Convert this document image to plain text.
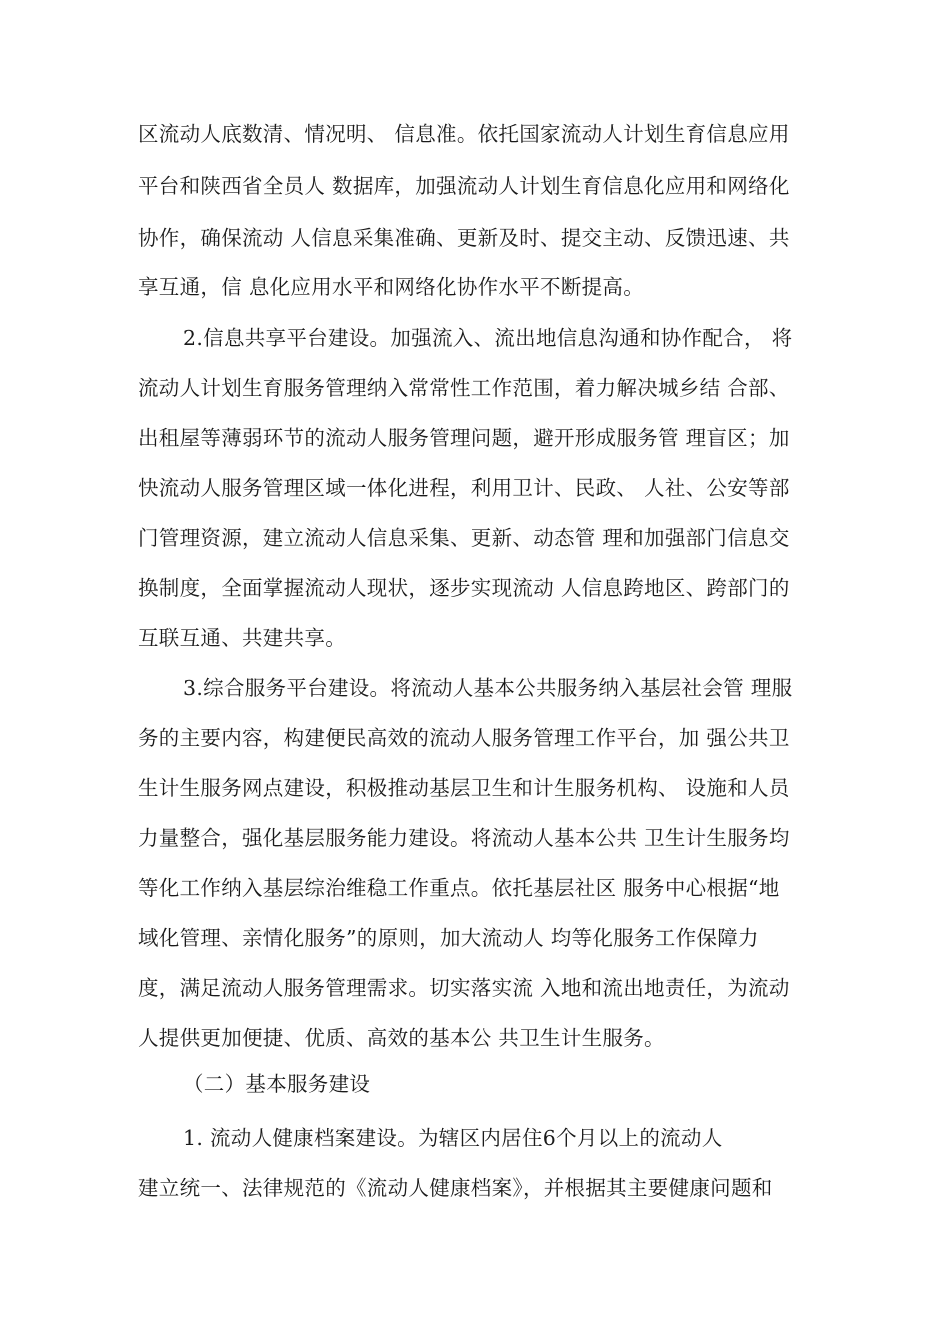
区流动人底数清、情况明、 信息准。依托国家流动人计划生育信息应用
平台和陕西省全员人 数据库，加强流动人计划生育信息化应用和网络化
协作，确保流动 人信息采集准确、更新及时、提交主动、反馈迅速、共
享互通，信 息化应用水平和网络化协作水平不断提高。
2.信息共享平台建设。加强流入、流出地信息沟通和协作配合， 将
流动人计划生育服务管理纳入常常性工作范围，着力解决城乡结 合部、
出租屋等薄弱环节的流动人服务管理问题，避开形成服务管 理盲区；加
快流动人服务管理区域一体化进程，利用卫计、民政、 人社、公安等部
门管理资源，建立流动人信息采集、更新、动态管 理和加强部门信息交
换制度，全面掌握流动人现状，逐步实现流动 人信息跨地区、跨部门的
互联互通、共建共享。
3.综合服务平台建设。将流动人基本公共服务纳入基层社会管 理服
务的主要内容，构建便民高效的流动人服务管理工作平台，加 强公共卫
生计生服务网点建设，积极推动基层卫生和计生服务机构、 设施和人员
力量整合，强化基层服务能力建设。将流动人基本公共 卫生计生服务均
等化工作纳入基层综治维稳工作重点。依托基层社区 服务中心根据“地
域化管理、亲情化服务”的原则，加大流动人 均等化服务工作保障力
度，满足流动人服务管理需求。切实落实流 入地和流出地责任，为流动
人提供更加便捷、优质、高效的基本公 共卫生计生服务。
（二）基本服务建设
1. 流动人健康档案建设。为辖区内居住6个月以上的流动人
建立统一、法律规范的《流动人健康档案》，并根据其主要健康问题和
